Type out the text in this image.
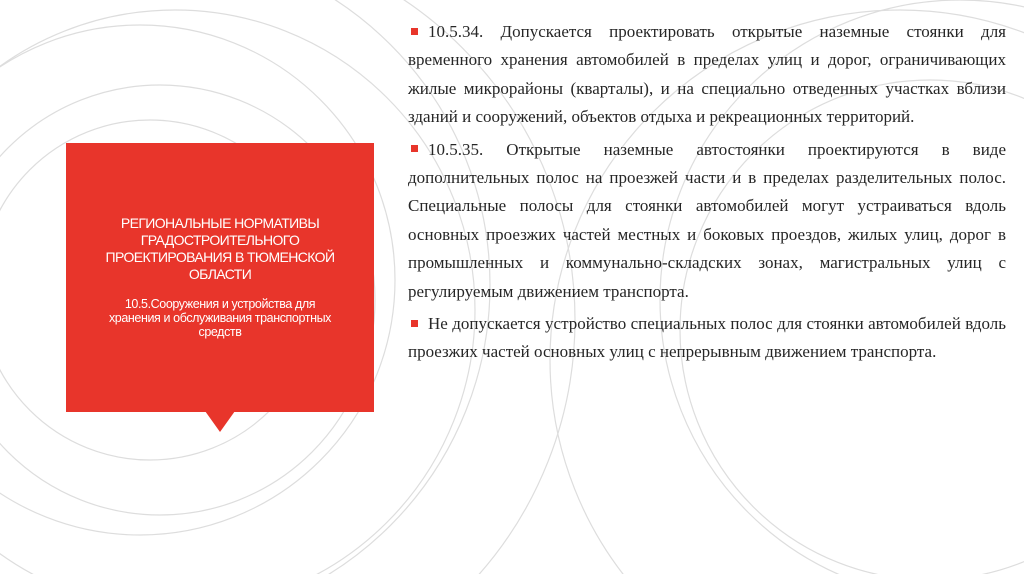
РЕГИОНАЛЬНЫЕ НОРМАТИВЫ ГРАДОСТРОИТЕЛЬНОГО ПРОЕКТИРОВАНИЯ В ТЮМЕНСКОЙ ОБЛАСТИ
10.5.Сооружения и устройства для хранения и обслуживания транспортных средств

10.5.34. Допускается проектировать открытые наземные стоянки для временного хранения автомобилей в пределах улиц и дорог, ограничивающих жилые микрорайоны (кварталы), и на специально отведенных участках вблизи зданий и сооружений, объектов отдыха и рекреационных территорий.

10.5.35. Открытые наземные автостоянки проектируются в виде дополнительных полос на проезжей части и в пределах разделительных полос. Специальные полосы для стоянки автомобилей могут устраиваться вдоль основных проезжих частей местных и боковых проездов, жилых улиц, дорог в промышленных и коммунально-складских зонах, магистральных улиц с регулируемым движением транспорта.

Не допускается устройство специальных полос для стоянки автомобилей вдоль проезжих частей основных улиц с непрерывным движением транспорта.
